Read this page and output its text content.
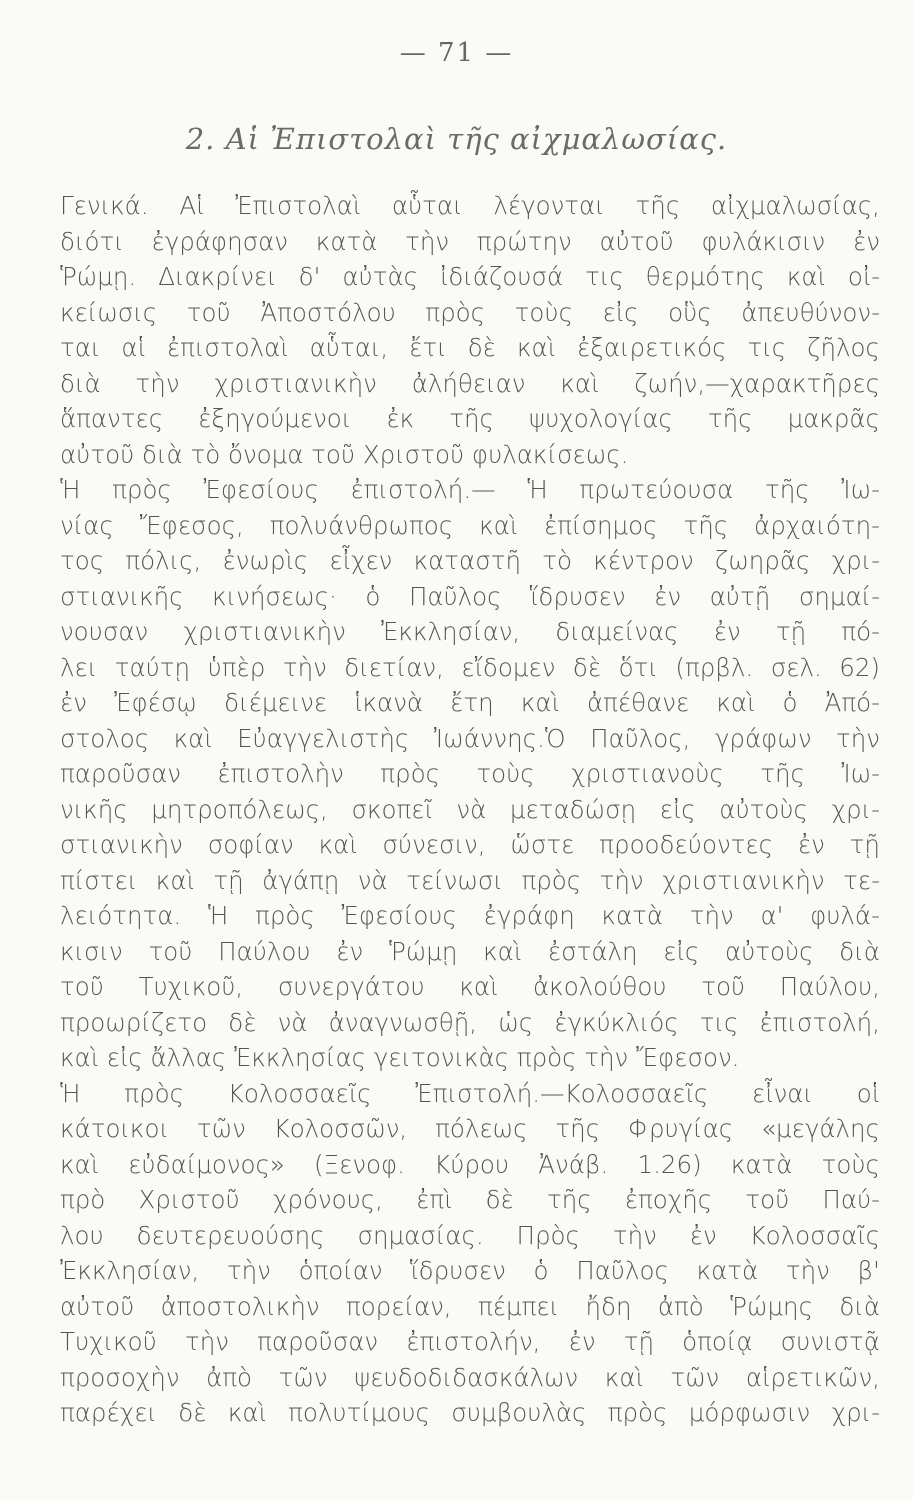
— 71 —
2. Αἱ Ἐπιστολαὶ τῆς αἰχμαλωσίας.
Γενικά. Αἱ Ἐπιστολαὶ αὗται λέγονται τῆς αἰχμαλωσίας,
διότι ἐγράφησαν κατὰ τὴν πρώτην αὐτοῦ φυλάκισιν ἐν
Ῥώμῃ. Διακρίνει δ' αὐτὰς ἰδιάζουσά τις θερμότης καὶ οἰ-
κείωσις τοῦ Ἀποστόλου πρὸς τοὺς εἰς οὓς ἀπευθύνον-
ται αἱ ἐπιστολαὶ αὗται, ἔτι δὲ καὶ ἐξαιρετικός τις ζῆλος
διὰ τὴν χριστιανικὴν ἀλήθειαν καὶ ζωήν,—χαρακτῆρες
ἅπαντες ἐξηγούμενοι ἐκ τῆς ψυχολογίας τῆς μακρᾶς
αὐτοῦ διὰ τὸ ὄνομα τοῦ Χριστοῦ φυλακίσεως.
Ἡ πρὸς Ἐφεσίους ἐπιστολή.— Ἡ πρωτεύουσα τῆς Ἰω-
νίας Ἔφεσος, πολυάνθρωπος καὶ ἐπίσημος τῆς ἀρχαιότη-
τος πόλις, ἐνωρὶς εἶχεν καταστῆ τὸ κέντρον ζωηρᾶς χρι-
στιανικῆς κινήσεως· ὁ Παῦλος ἵδρυσεν ἐν αὐτῇ σημαί-
νουσαν χριστιανικὴν Ἐκκλησίαν, διαμείνας ἐν τῇ πό-
λει ταύτῃ ὑπὲρ τὴν διετίαν, εἴδομεν δὲ ὅτι (πρβλ. σελ. 62)
ἐν Ἐφέσῳ διέμεινε ἱκανὰ ἔτη καὶ ἀπέθανε καὶ ὁ Ἀπό-
στολος καὶ Εὐαγγελιστὴς Ἰωάννης.Ὁ Παῦλος, γράφων τὴν
παροῦσαν ἐπιστολὴν πρὸς τοὺς χριστιανοὺς τῆς Ἰω-
νικῆς μητροπόλεως, σκοπεῖ νὰ μεταδώσῃ εἰς αὐτοὺς χρι-
στιανικὴν σοφίαν καὶ σύνεσιν, ὥστε προοδεύοντες ἐν τῇ
πίστει καὶ τῇ ἀγάπῃ νὰ τείνωσι πρὸς τὴν χριστιανικὴν τε-
λειότητα. Ἡ πρὸς Ἐφεσίους ἐγράφη κατὰ τὴν α' φυλά-
κισιν τοῦ Παύλου ἐν Ῥώμῃ καὶ ἐστάλη εἰς αὐτοὺς διὰ
τοῦ Τυχικοῦ, συνεργάτου καὶ ἀκολούθου τοῦ Παύλου,
προωρίζετο δὲ νὰ ἀναγνωσθῇ, ὡς ἐγκύκλιός τις ἐπιστολή,
καὶ εἰς ἄλλας Ἐκκλησίας γειτονικὰς πρὸς τὴν Ἔφεσον.
Ἡ πρὸς Κολοσσαεῖς Ἐπιστολή.—Κολοσσαεῖς εἶναι οἱ
κάτοικοι τῶν Κολοσσῶν, πόλεως τῆς Φρυγίας «μεγάλης
καὶ εὐδαίμονος» (Ξενοφ. Κύρου Ἀνάβ. 1.26) κατὰ τοὺς
πρὸ Χριστοῦ χρόνους, ἐπὶ δὲ τῆς ἐποχῆς τοῦ Παύ-
λου δευτερευούσης σημασίας. Πρὸς τὴν ἐν Κολοσσαῖς
Ἐκκλησίαν, τὴν ὁποίαν ἵδρυσεν ὁ Παῦλος κατὰ τὴν β'
αὐτοῦ ἀποστολικὴν πορείαν, πέμπει ἤδη ἀπὸ Ῥώμης διὰ
Τυχικοῦ τὴν παροῦσαν ἐπιστολήν, ἐν τῇ ὁποίᾳ συνιστᾷ
προσοχὴν ἀπὸ τῶν ψευδοδιδασκάλων καὶ τῶν αἱρετικῶν,
παρέχει δὲ καὶ πολυτίμους συμβουλὰς πρὸς μόρφωσιν χρι-
